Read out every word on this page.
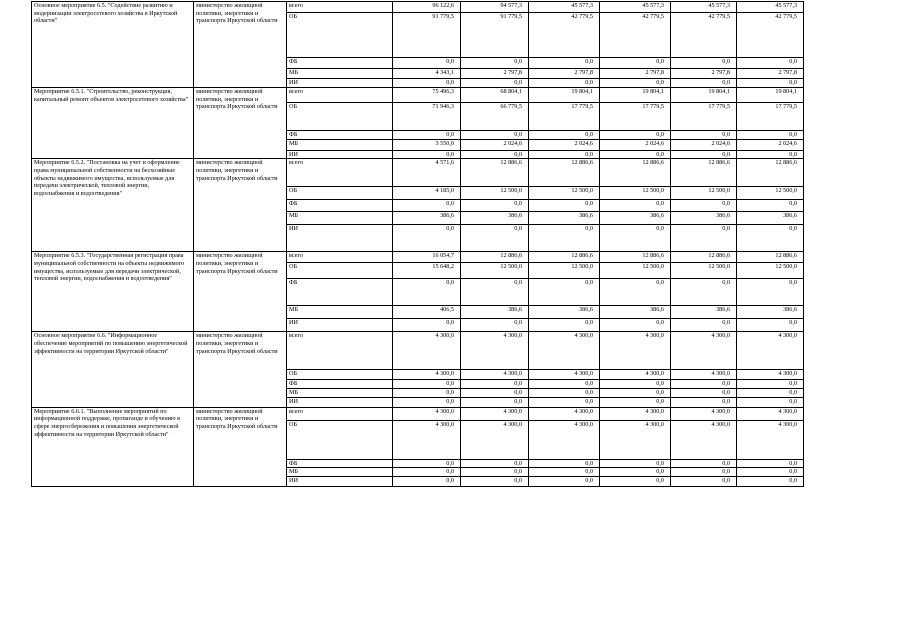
Основное мероприятие 6.5. "Содействие развитию и модернизации электросетевого хозяйства в Иркутской области"	министерство жилищной политики, энергетики и транспорта Иркутской области	всего	96 122,6	94 577,3	45 577,3	45 577,3	45 577,3	45 577,3
		ОБ	91 779,5	91 779,5	42 779,5	42 779,5	42 779,5	42 779,5
		ФБ	0,0	0,0	0,0	0,0	0,0	0,0
		МБ	4 343,1	2 797,8	2 797,8	2 797,8	2 797,8	2 797,8
		ИИ	0,0	0,0	0,0	0,0	0,0	0,0
Мероприятие 6.5.1. "Строительство, реконструкция, капитальный ремонт объектов электросетевого хозяйства"	министерство жилищной политики, энергетики и транспорта Иркутской области	всего	75 496,3	68 804,1	19 804,1	19 804,1	19 804,1	19 804,1
		ОБ	71 946,3	66 779,5	17 779,5	17 779,5	17 779,5	17 779,5
		ФБ	0,0	0,0	0,0	0,0	0,0	0,0
		МБ	3 550,0	2 024,6	2 024,6	2 024,6	2 024,6	2 024,6
		ИИ	0,0	0,0	0,0	0,0	0,0	0,0
Мероприятие 6.5.2. "Постановка на учет и оформление права муниципальной собственности на бесхозяйные объекты недвижимого имущества, используемые для передачи электрической, тепловой энергии, водоснабжения и водоотведения"	министерство жилищной политики, энергетики и транспорта Иркутской области	всего	4 571,6	12 886,6	12 886,6	12 886,6	12 886,6	12 886,6
		ОБ	4 185,0	12 500,0	12 500,0	12 500,0	12 500,0	12 500,0
		ФБ	0,0	0,0	0,0	0,0	0,0	0,0
		МБ	386,6	386,6	386,6	386,6	386,6	386,6
		ИИ	0,0	0,0	0,0	0,0	0,0	0,0
Мероприятие 6.5.3. "Государственная регистрация права муниципальной собственности на объекты недвижимого имущества, используемые для передачи электрической, тепловой энергии, водоснабжения и водоотведения"	министерство жилищной политики, энергетики и транспорта Иркутской области	всего	16 054,7	12 886,6	12 886,6	12 886,6	12 886,6	12 886,6
		ОБ	15 648,2	12 500,0	12 500,0	12 500,0	12 500,0	12 500,0
		ФБ	0,0	0,0	0,0	0,0	0,0	0,0
		МБ	406,5	386,6	386,6	386,6	386,6	386,6
		ИИ	0,0	0,0	0,0	0,0	0,0	0,0
Основное мероприятие 6.6. "Информационное обеспечение мероприятий по повышению энергетической эффективности на территории Иркутской области"	министерство жилищной политики, энергетики и транспорта Иркутской области	всего	4 300,0	4 300,0	4 300,0	4 300,0	4 300,0	4 300,0
		ОБ	4 300,0	4 300,0	4 300,0	4 300,0	4 300,0	4 300,0
		ФБ	0,0	0,0	0,0	0,0	0,0	0,0
		МБ	0,0	0,0	0,0	0,0	0,0	0,0
		ИИ	0,0	0,0	0,0	0,0	0,0	0,0
Мероприятие 6.6.1. "Выполнение мероприятий по информационной поддержке, пропаганде и обучению в сфере энергосбережения и повышения энергетической эффективности на территории Иркутской области"	министерство жилищной политики, энергетики и транспорта Иркутской области	всего	4 300,0	4 300,0	4 300,0	4 300,0	4 300,0	4 300,0
		ОБ	4 300,0	4 300,0	4 300,0	4 300,0	4 300,0	4 300,0
		ФБ	0,0	0,0	0,0	0,0	0,0	0,0
		МБ	0,0	0,0	0,0	0,0	0,0	0,0
		ИИ	0,0	0,0	0,0	0,0	0,0	0,0
